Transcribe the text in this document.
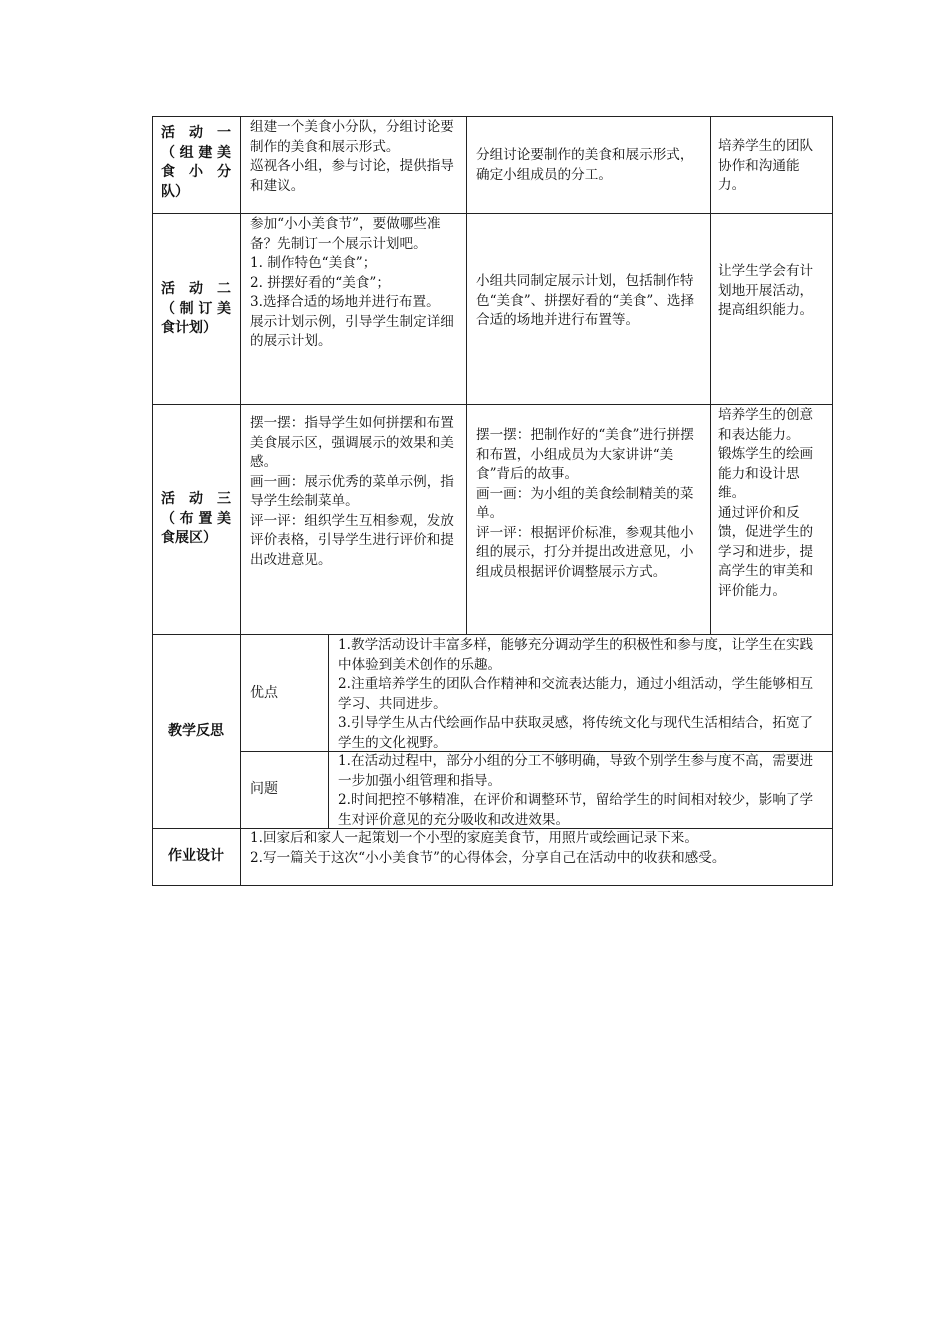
活 动 一
（组建美
食 小 分
队）
组建一个美食小分队，分组讨论要制作的美食和展示形式。
巡视各小组，参与讨论，提供指导和建议。
分组讨论要制作的美食和展示形式，确定小组成员的分工。
培养学生的团队协作和沟通能力。
活 动 二
（制订美
食计划）
参加“小小美食节”，要做哪些准备？先制订一个展示计划吧。
1. 制作特色“美食”；
2. 拼摆好看的“美食”；
3.选择合适的场地并进行布置。
展示计划示例，引导学生制定详细的展示计划。
小组共同制定展示计划，包括制作特色“美食”、拼摆好看的“美食”、选择合适的场地并进行布置等。
让学生学会有计划地开展活动，提高组织能力。
活 动 三
（布置美
食展区）
摆一摆：指导学生如何拼摆和布置美食展示区，强调展示的效果和美感。
画一画：展示优秀的菜单示例，指导学生绘制菜单。
评一评：组织学生互相参观，发放评价表格，引导学生进行评价和提出改进意见。
摆一摆：把制作好的“美食”进行拼摆和布置，小组成员为大家讲讲“美食”背后的故事。
画一画：为小组的美食绘制精美的菜单。
评一评：根据评价标准，参观其他小组的展示，打分并提出改进意见，小组成员根据评价调整展示方式。
培养学生的创意和表达能力。
锻炼学生的绘画能力和设计思维。
通过评价和反馈，促进学生的学习和进步，提高学生的审美和评价能力。
教学反思
优点
1.教学活动设计丰富多样，能够充分调动学生的积极性和参与度，让学生在实践中体验到美术创作的乐趣。
2.注重培养学生的团队合作精神和交流表达能力，通过小组活动，学生能够相互学习、共同进步。
3.引导学生从古代绘画作品中获取灵感，将传统文化与现代生活相结合，拓宽了学生的文化视野。
问题
1.在活动过程中，部分小组的分工不够明确，导致个别学生参与度不高，需要进一步加强小组管理和指导。
2.时间把控不够精准，在评价和调整环节，留给学生的时间相对较少，影响了学生对评价意见的充分吸收和改进效果。
作业设计
1.回家后和家人一起策划一个小型的家庭美食节，用照片或绘画记录下来。
2.写一篇关于这次“小小美食节”的心得体会，分享自己在活动中的收获和感受。
